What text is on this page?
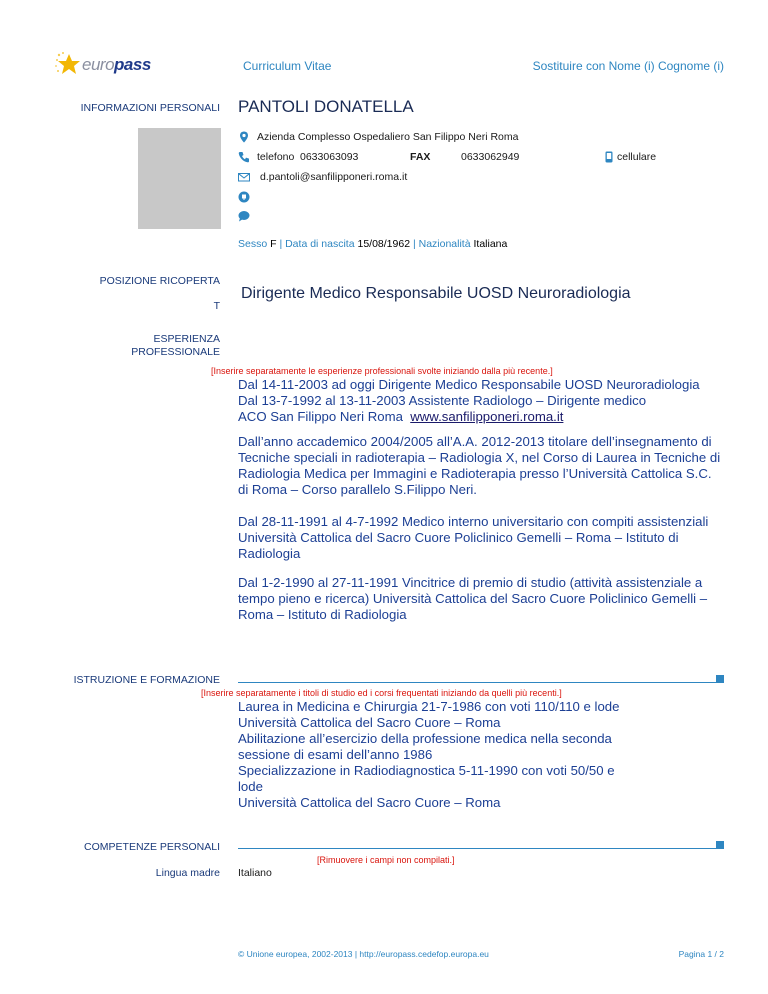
europass	Curriculum Vitae	Sostituire con Nome (i) Cognome (i)
INFORMAZIONI PERSONALI PANTOLI DONATELLA
Azienda Complesso Ospedaliero San Filippo Neri Roma
telefono 0633063093	FAX	0633062949	cellulare
d.pantoli@sanfilipponeri.roma.it
Sesso F | Data di nascita 15/08/1962 | Nazionalità Italiana
POSIZIONE RICOPERTA
T
Dirigente Medico Responsabile UOSD Neuroradiologia
ESPERIENZA
PROFESSIONALE
[Inserire separatamente le esperienze professionali svolte iniziando dalla più recente.]
Dal 14-11-2003 ad oggi Dirigente Medico Responsabile UOSD Neuroradiologia
Dal 13-7-1992 al 13-11-2003 Assistente Radiologo – Dirigente medico
ACO San Filippo Neri Roma  www.sanfilipponeri.roma.it
Dall’anno accademico 2004/2005 all’A.A. 2012-2013 titolare dell’insegnamento di
Tecniche speciali in radioterapia – Radiologia X, nel Corso di Laurea in Tecniche di
Radiologia Medica per Immagini e Radioterapia presso l’Università Cattolica S.C.
di Roma – Corso parallelo S.Filippo Neri.
Dal 28-11-1991 al 4-7-1992 Medico interno universitario con compiti assistenziali
Università Cattolica del Sacro Cuore Policlinico Gemelli – Roma – Istituto di
Radiologia
Dal 1-2-1990 al 27-11-1991 Vincitrice di premio di studio (attività assistenziale a
tempo pieno e ricerca) Università Cattolica del Sacro Cuore Policlinico Gemelli –
Roma – Istituto di Radiologia
ISTRUZIONE E FORMAZIONE
[Inserire separatamente i titoli di studio ed i corsi frequentati iniziando da quelli più recenti.]
Laurea in Medicina e Chirurgia 21-7-1986 con voti 110/110 e lode
Università Cattolica del Sacro Cuore – Roma
Abilitazione all’esercizio della professione medica nella seconda
sessione di esami dell’anno 1986
Specializzazione in Radiodiagnostica 5-11-1990 con voti 50/50 e
lode
Università Cattolica del Sacro Cuore – Roma
COMPETENZE PERSONALI
[Rimuovere i campi non compilati.]
Lingua madre Italiano
© Unione europea, 2002-2013 | http://europass.cedefop.europa.eu	Pagina 1 / 2
